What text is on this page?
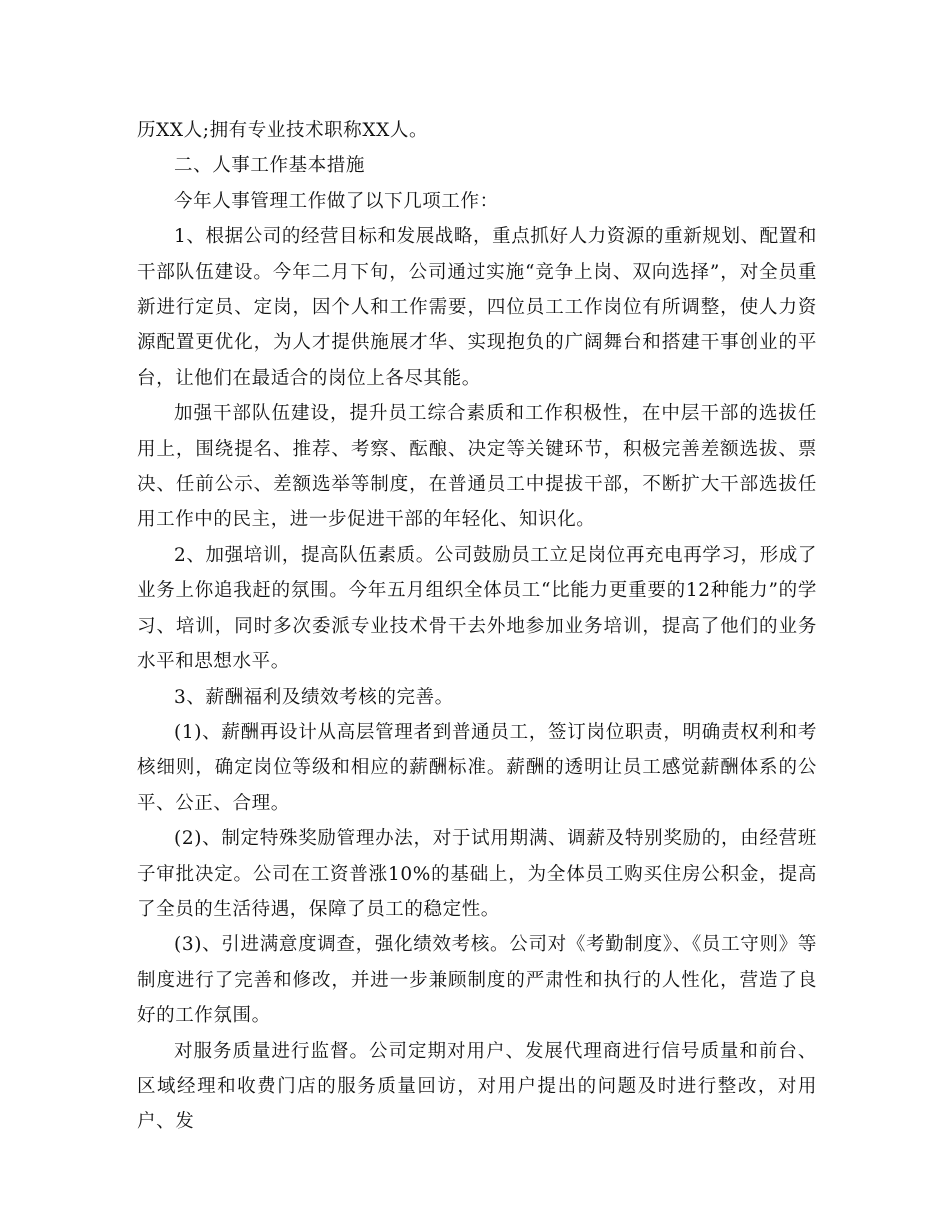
历XX人;拥有专业技术职称XX人。

二、人事工作基本措施

今年人事管理工作做了以下几项工作：

1、根据公司的经营目标和发展战略，重点抓好人力资源的重新规划、配置和干部队伍建设。今年二月下旬，公司通过实施“竞争上岗、双向选择”，对全员重新进行定员、定岗，因个人和工作需要，四位员工工作岗位有所调整，使人力资源配置更优化，为人才提供施展才华、实现抱负的广阔舞台和搭建干事创业的平台，让他们在最适合的岗位上各尽其能。

加强干部队伍建设，提升员工综合素质和工作积极性，在中层干部的选拔任用上，围绕提名、推荐、考察、酝酿、决定等关键环节，积极完善差额选拔、票决、任前公示、差额选举等制度，在普通员工中提拔干部，不断扩大干部选拔任用工作中的民主，进一步促进干部的年轻化、知识化。

2、加强培训，提高队伍素质。公司鼓励员工立足岗位再充电再学习，形成了业务上你追我赶的氛围。今年五月组织全体员工“比能力更重要的12种能力”的学习、培训，同时多次委派专业技术骨干去外地参加业务培训，提高了他们的业务水平和思想水平。

3、薪酬福利及绩效考核的完善。

(1)、薪酬再设计从高层管理者到普通员工，签订岗位职责，明确责权利和考核细则，确定岗位等级和相应的薪酬标准。薪酬的透明让员工感觉薪酬体系的公平、公正、合理。

(2)、制定特殊奖励管理办法，对于试用期满、调薪及特别奖励的，由经营班子审批决定。公司在工资普涨10%的基础上，为全体员工购买住房公积金，提高了全员的生活待遇，保障了员工的稳定性。

(3)、引进满意度调查，强化绩效考核。公司对《考勤制度》、《员工守则》等制度进行了完善和修改，并进一步兼顾制度的严肃性和执行的人性化，营造了良好的工作氛围。

对服务质量进行监督。公司定期对用户、发展代理商进行信号质量和前台、区域经理和收费门店的服务质量回访，对用户提出的问题及时进行整改，对用户、发
